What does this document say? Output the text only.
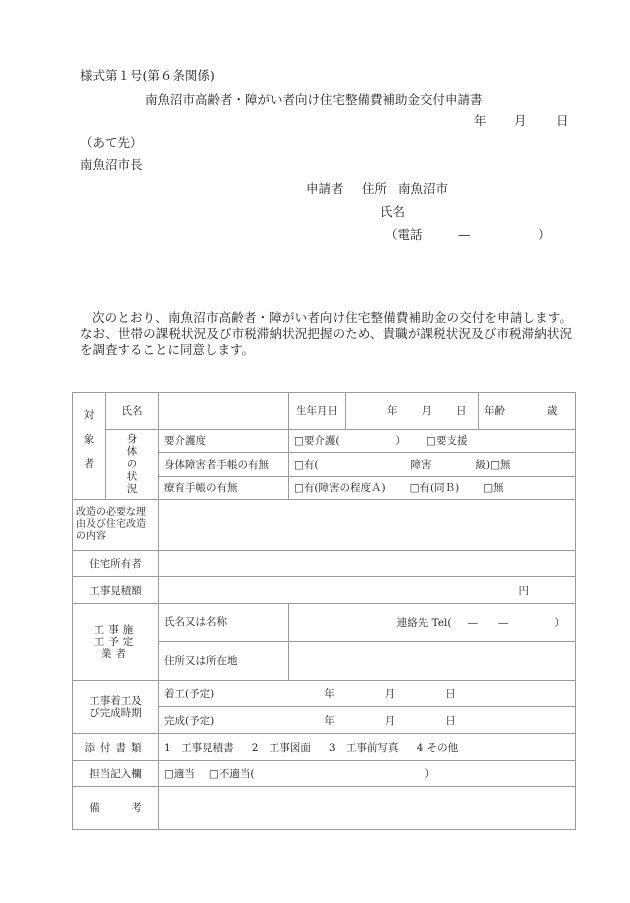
様式第１号(第６条関係)
南魚沼市高齢者・障がい者向け住宅整備費補助金交付申請書
年 月 日
（あて先）
南魚沼市長
申請者 住所 南魚沼市
氏名
（電話	—	）
次のとおり、南魚沼市高齢者・障がい者向け住宅整備費補助金の交付を申請します。なお、世帯の課税状況及び市税滞納状況把握のため、貴職が課税状況及び市税滞納状況を調査することに同意します。
対象者	氏名		生年月日	年 月 日	年齢 歳
	身体の状況	要介護度	□要介護( ） □要支援		
		身体障害者手帳の有無	□有( 障害 級)□無		
		療育手帳の有無	□有(障害の程度Ａ) □有(同Ｂ) □無		
改造の必要な理由及び住宅改造の内容					
住宅所有者					
工事見積額		円			
工事施工予定業者		氏名又は名称	連絡先 Tel( — — ）		
		住所又は所在地			
工事着工及び完成時期		着工(予定) 年 月 日			
		完成(予定) 年 月 日			
添付書類		1　工事見積書 2　工事図面 3　工事前写真 4 その他			
担当記入欄		□適当 □不適当( ）			
備　　　考					
